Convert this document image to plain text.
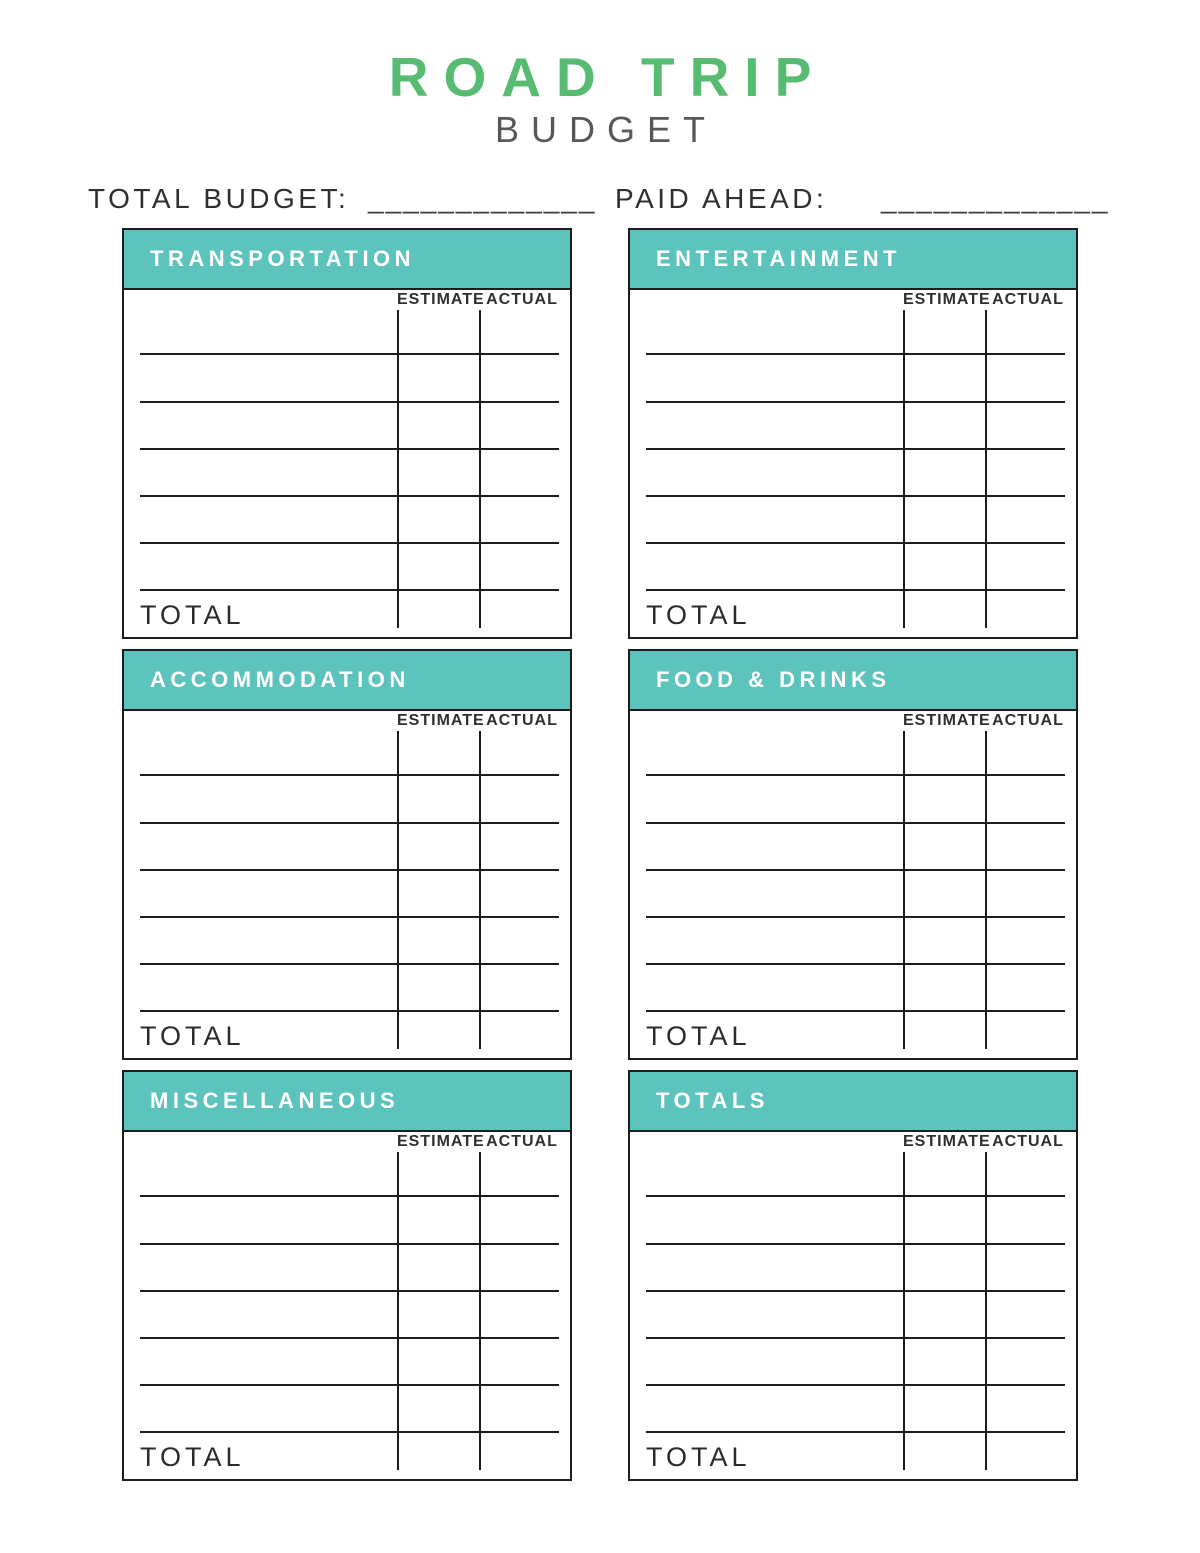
ROAD TRIP
BUDGET
TOTAL BUDGET: _____________ PAID AHEAD: _____________
TRANSPORTATION
ESTIMATE ACTUAL
TOTAL
ENTERTAINMENT
ESTIMATE ACTUAL
TOTAL
ACCOMMODATION
ESTIMATE ACTUAL
TOTAL
FOOD & DRINKS
ESTIMATE ACTUAL
TOTAL
MISCELLANEOUS
ESTIMATE ACTUAL
TOTAL
TOTALS
ESTIMATE ACTUAL
TOTAL
